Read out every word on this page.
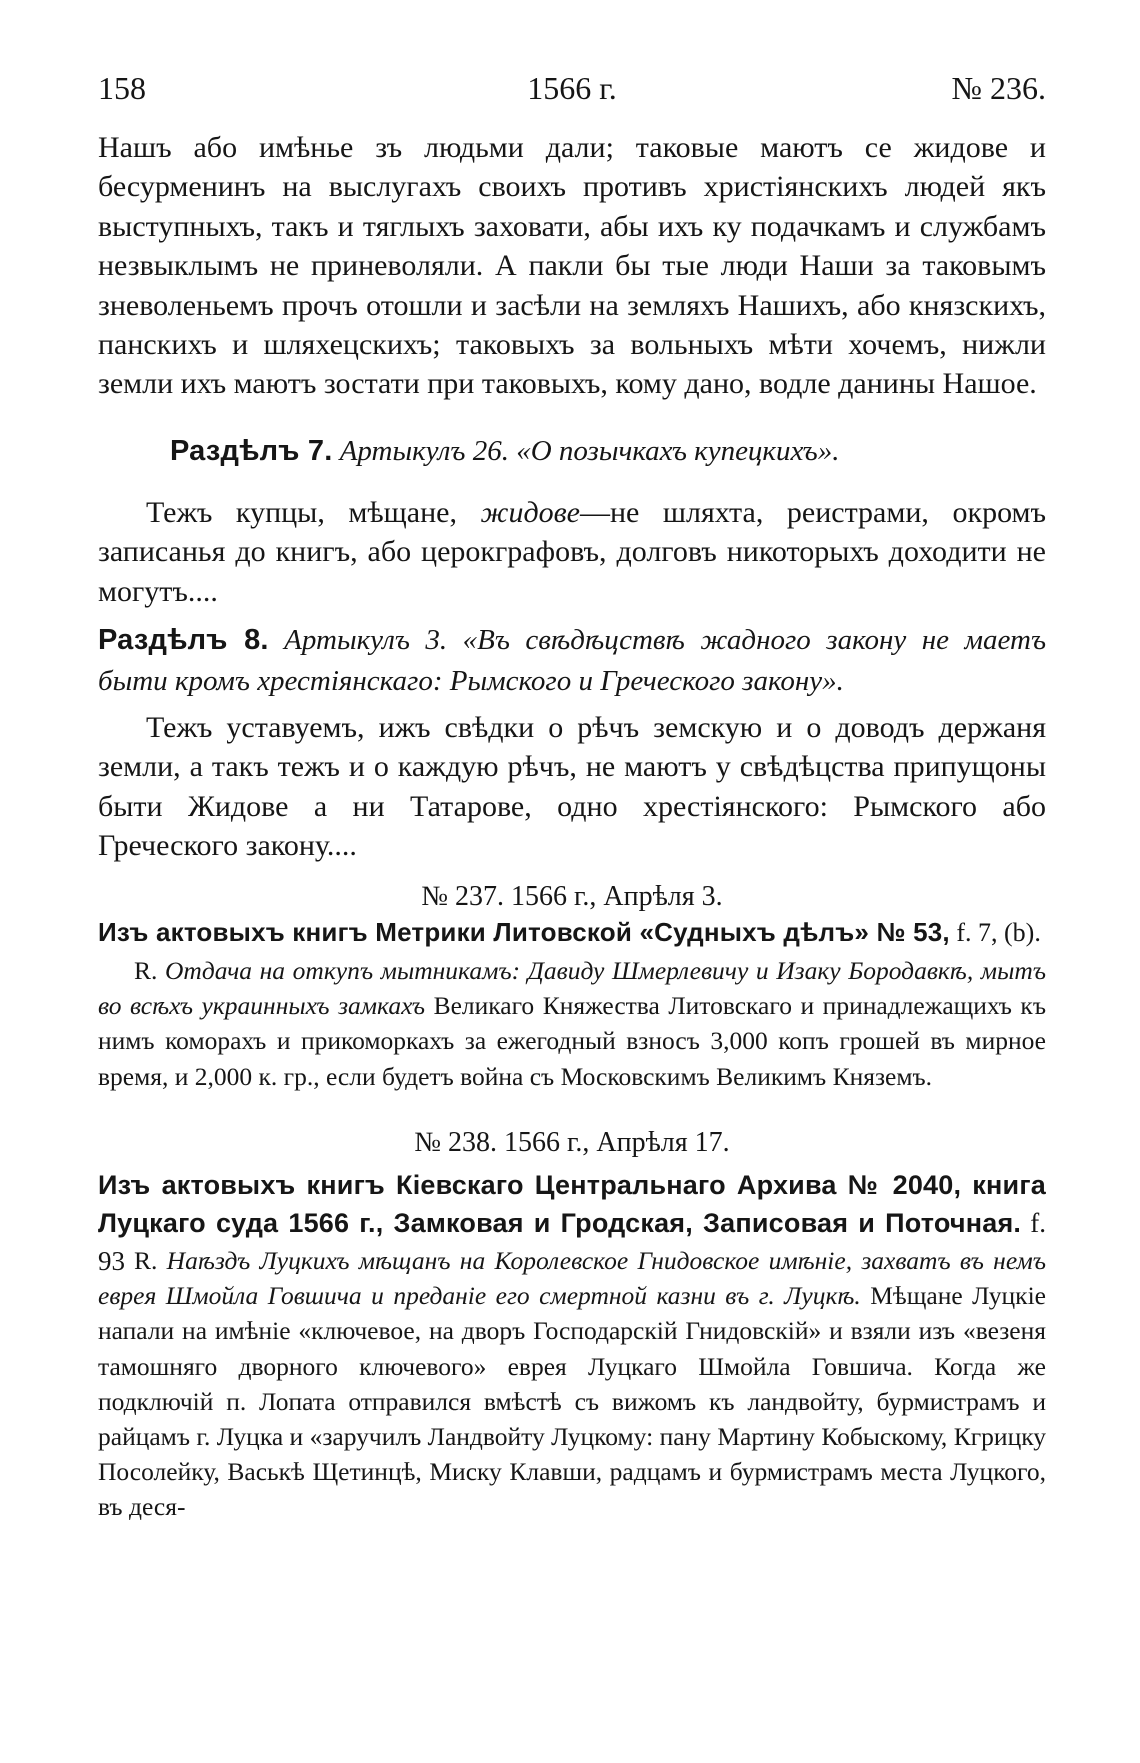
158	1566 г.	№ 236.

Нашъ або имѣнье зъ людьми дали; таковые маютъ се жидове и бесурменинъ на выслугахъ своихъ противъ христіянскихъ людей якъ выступныхъ, такъ и тяглыхъ заховати, абы ихъ ку подачкамъ и службамъ незвыклымъ не приневоляли. А пакли бы тые люди Наши за таковымъ зневоленьемъ прочъ отошли и засѣли на земляхъ Нашихъ, або князскихъ, панскихъ и шляхецскихъ; таковыхъ за вольныхъ мѣти хочемъ, нижли земли ихъ маютъ зостати при таковыхъ, кому дано, водле данины Нашое.

Раздѣлъ 7. Артыкулъ 26. «О позычкахъ купецкихъ».

Тежъ купцы, мѣщане, жидове—не шляхта, реистрами, окромъ записанья до книгъ, або церокграфовъ, долговъ никоторыхъ доходити не могутъ....

Раздѣлъ 8. Артыкулъ 3. «Въ свѣдѣцствѣ жадного закону не маетъ быти кромъ хрестіянскаго: Рымского и Греческого закону».

Тежъ уставуемъ, ижъ свѣдки о рѣчъ земскую и о доводъ держаня земли, а такъ тежъ и о каждую рѣчъ, не маютъ у свѣдѣцства припущоны быти Жидове а ни Татарове, одно хрестіянского: Рымского або Греческого закону....

№ 237. 1566 г., Апрѣля 3.
Изъ актовыхъ книгъ Метрики Литовской «Судныхъ дѣлъ» № 53, f. 7, (b).

R. Отдача на откупъ мытникамъ: Давиду Шмерлевичу и Изаку Бородавкѣ, мытъ во всѣхъ украинныхъ замкахъ Великаго Княжества Литовскаго и принадлежащихъ къ нимъ коморахъ и прикоморкахъ за ежегодный взносъ 3,000 копъ грошей въ мирное время, и 2,000 к. гр., если будетъ война съ Московскимъ Великимъ Княземъ.

№ 238. 1566 г., Апрѣля 17.
Изъ актовыхъ книгъ Кіевскаго Центральнаго Архива № 2040, книга Луцкаго суда 1566 г., Замковая и Гродская, Записовая и Поточная. f. 93 R. Наѣздъ Луцкихъ мѣщанъ на Королевское Гнидовское имѣніе, захватъ въ немъ еврея Шмойла Говшича и преданіе его смертной казни въ г. Луцкѣ. Мѣщане Луцкіе напали на имѣніе «ключевое, на дворъ Господарскій Гнидовскій» и взяли изъ «везеня тамошняго дворного ключевого» еврея Луцкаго Шмойла Говшича. Когда же подключій п. Лопата отправился вмѣстѣ съ вижомъ къ ландвойту, бурмистрамъ и райцамъ г. Луцка и «заручилъ Ландвойту Луцкому: пану Мартину Кобыскому, Кгрицку Посолейку, Васькѣ Щетинцѣ, Миску Клавши, радцамъ и бурмистрамъ места Луцкого, въ деся-
